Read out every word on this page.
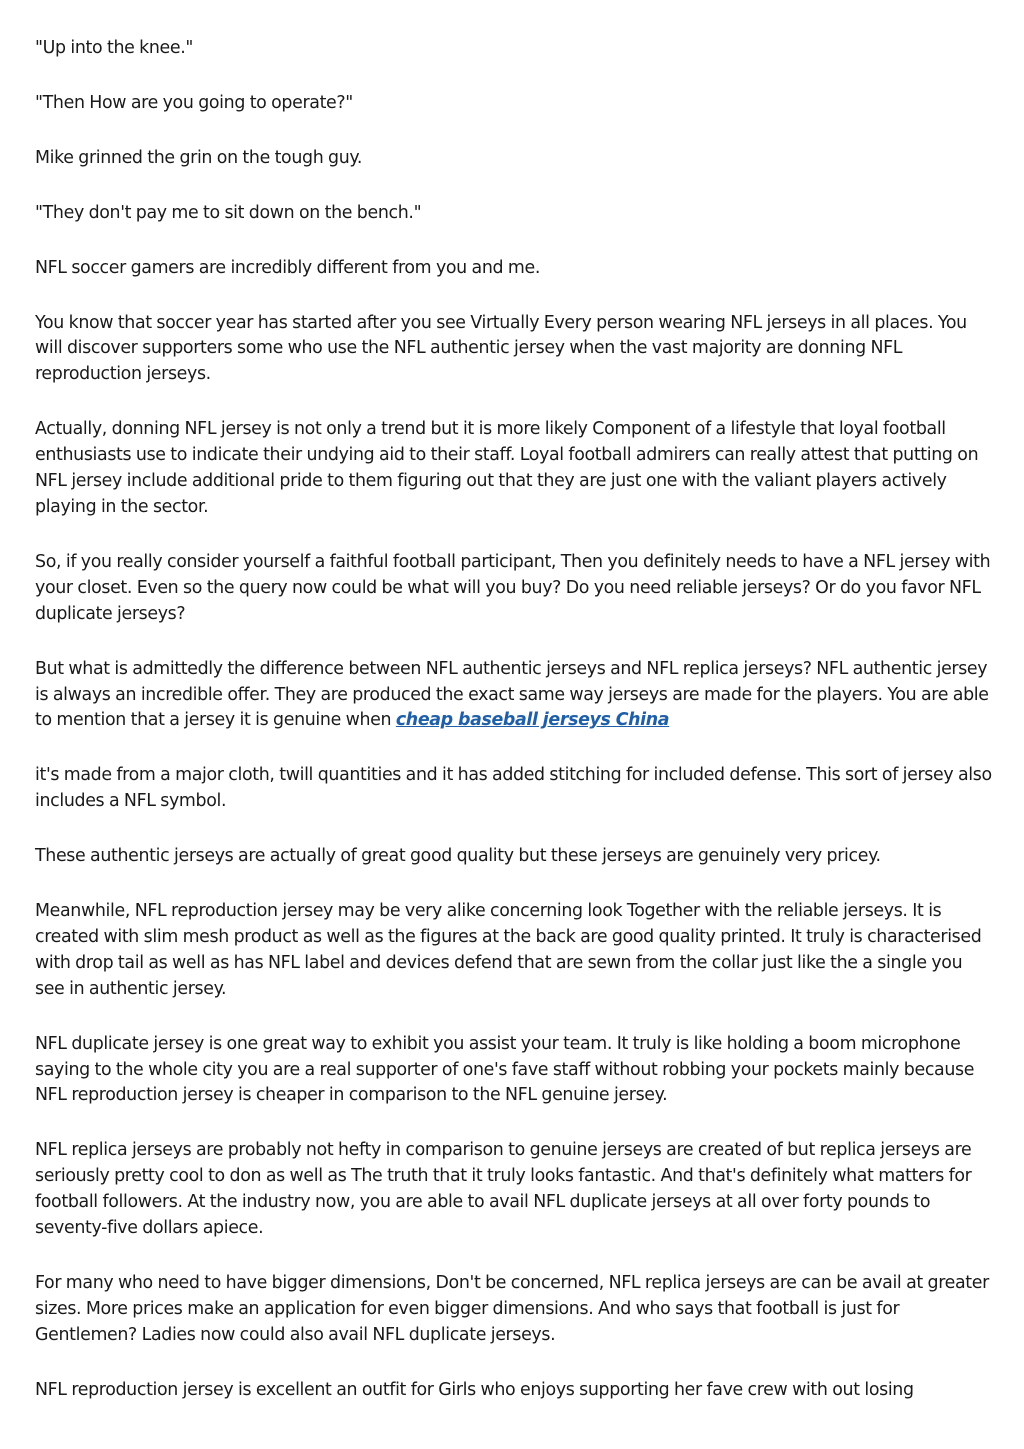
"Up into the knee."

"Then How are you going to operate?"

Mike grinned the grin on the tough guy.

"They don't pay me to sit down on the bench."

NFL soccer gamers are incredibly different from you and me.

You know that soccer year has started after you see Virtually Every person wearing NFL jerseys in all places. You will discover supporters some who use the NFL authentic jersey when the vast majority are donning NFL reproduction jerseys.

Actually, donning NFL jersey is not only a trend but it is more likely Component of a lifestyle that loyal football enthusiasts use to indicate their undying aid to their staff. Loyal football admirers can really attest that putting on NFL jersey include additional pride to them figuring out that they are just one with the valiant players actively playing in the sector.

So, if you really consider yourself a faithful football participant, Then you definitely needs to have a NFL jersey with your closet. Even so the query now could be what will you buy? Do you need reliable jerseys? Or do you favor NFL duplicate jerseys?

But what is admittedly the difference between NFL authentic jerseys and NFL replica jerseys? NFL authentic jersey is always an incredible offer. They are produced the exact same way jerseys are made for the players. You are able to mention that a jersey it is genuine when cheap baseball jerseys China

it's made from a major cloth, twill quantities and it has added stitching for included defense. This sort of jersey also includes a NFL symbol.

These authentic jerseys are actually of great good quality but these jerseys are genuinely very pricey.

Meanwhile, NFL reproduction jersey may be very alike concerning look Together with the reliable jerseys. It is created with slim mesh product as well as the figures at the back are good quality printed. It truly is characterised with drop tail as well as has NFL label and devices defend that are sewn from the collar just like the a single you see in authentic jersey.

NFL duplicate jersey is one great way to exhibit you assist your team. It truly is like holding a boom microphone saying to the whole city you are a real supporter of one's fave staff without robbing your pockets mainly because NFL reproduction jersey is cheaper in comparison to the NFL genuine jersey.

NFL replica jerseys are probably not hefty in comparison to genuine jerseys are created of but replica jerseys are seriously pretty cool to don as well as The truth that it truly looks fantastic. And that's definitely what matters for football followers. At the industry now, you are able to avail NFL duplicate jerseys at all over forty pounds to seventy-five dollars apiece.

For many who need to have bigger dimensions, Don't be concerned, NFL replica jerseys are can be avail at greater sizes. More prices make an application for even bigger dimensions. And who says that football is just for Gentlemen? Ladies now could also avail NFL duplicate jerseys.

NFL reproduction jersey is excellent an outfit for Girls who enjoys supporting her fave crew with out losing
